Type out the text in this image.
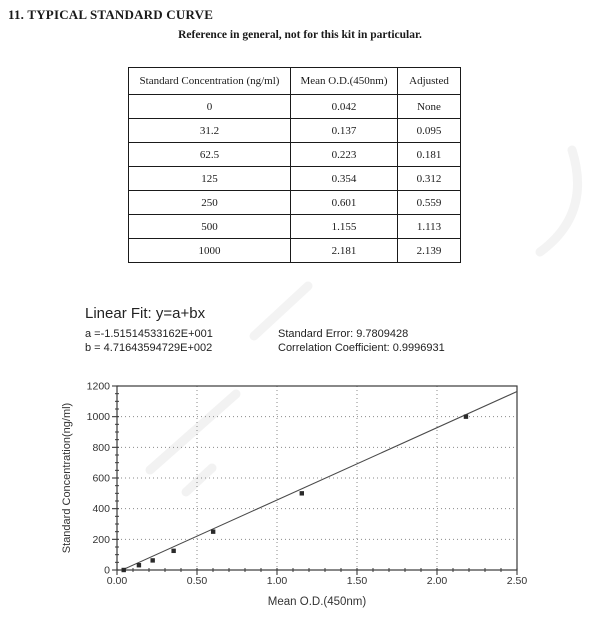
11. TYPICAL STANDARD CURVE
Reference in general, not for this kit in particular.
Standard Concentration (ng/ml)	Mean O.D.(450nm)	Adjusted
0	0.042	None
31.2	0.137	0.095
62.5	0.223	0.181
125	0.354	0.312
250	0.601	0.559
500	1.155	1.113
1000	2.181	2.139
Linear Fit: y=a+bx
a =-1.51514533162E+001	Standard Error: 9.7809428
b = 4.71643594729E+002	Correlation Coefficient: 0.9996931
0.00	0.50	1.00	1.50	2.00	2.50
0
200
400
600
800
1000
1200
Mean O.D.(450nm)
Standard Concentration(ng/ml)
